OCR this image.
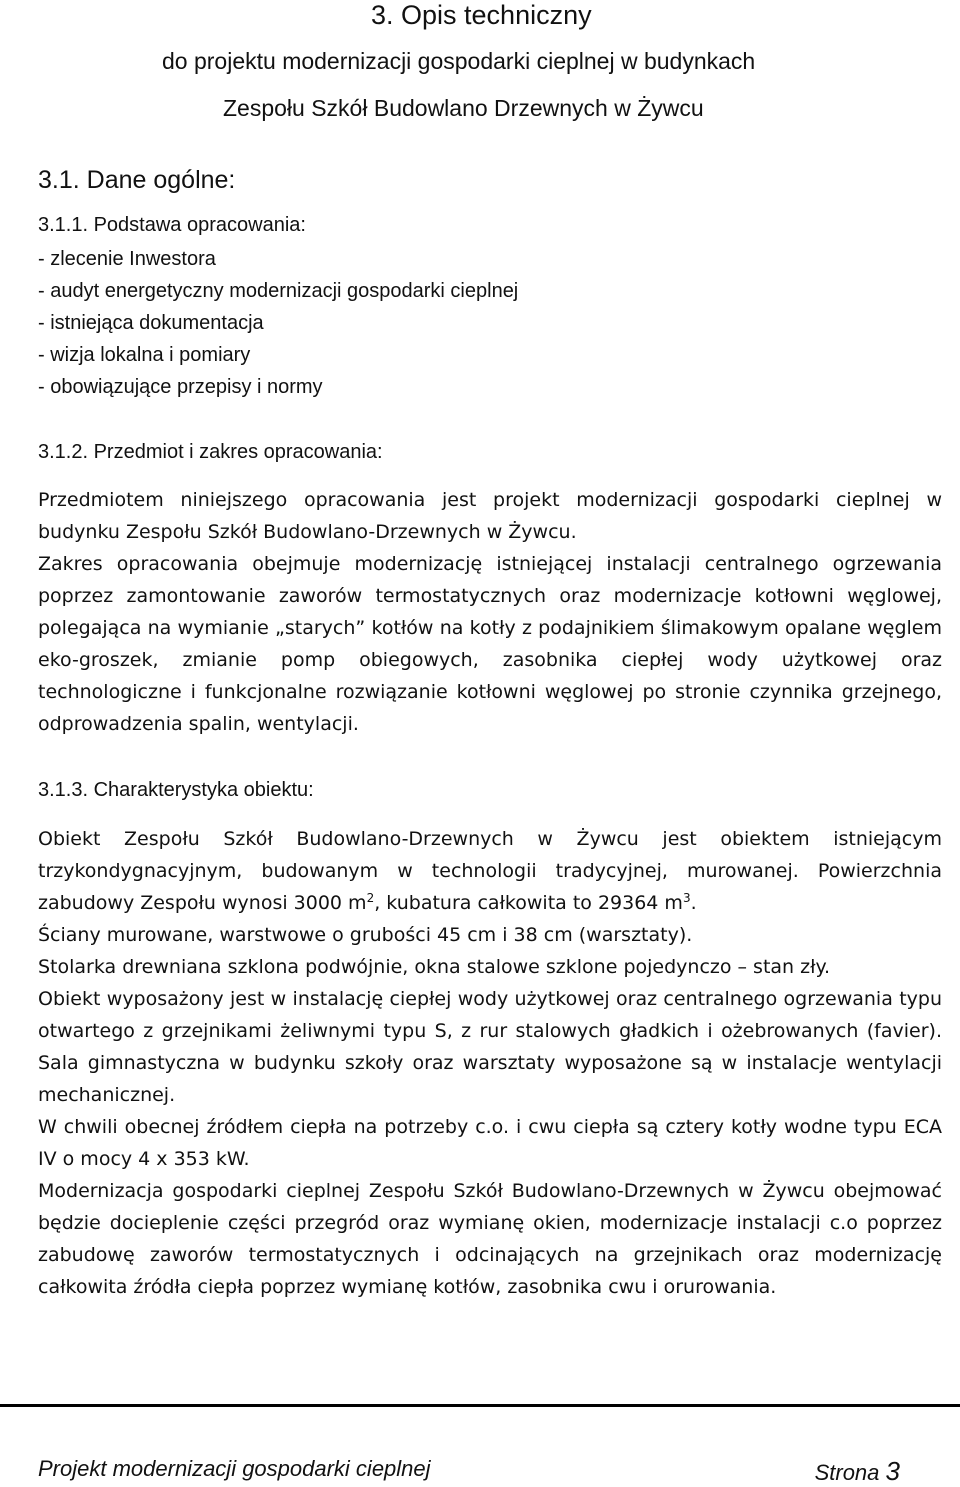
3. Opis techniczny
do projektu modernizacji gospodarki cieplnej w budynkach
Zespołu Szkół Budowlano Drzewnych w Żywcu
3.1. Dane ogólne:
3.1.1. Podstawa opracowania:
- zlecenie Inwestora
- audyt energetyczny modernizacji gospodarki cieplnej
- istniejąca dokumentacja
- wizja lokalna i pomiary
- obowiązujące przepisy i normy
3.1.2. Przedmiot i zakres opracowania:

Przedmiotem niniejszego opracowania jest projekt modernizacji gospodarki cieplnej w budynku Zespołu Szkół Budowlano-Drzewnych w Żywcu.

Zakres opracowania obejmuje modernizację istniejącej instalacji centralnego ogrzewania poprzez zamontowanie zaworów termostatycznych oraz modernizacje kotłowni węglowej, polegająca na wymianie „starych” kotłów na kotły z podajnikiem ślimakowym opalane węglem eko-groszek, zmianie pomp obiegowych, zasobnika ciepłej wody użytkowej oraz technologiczne i funkcjonalne rozwiązanie kotłowni węglowej po stronie czynnika grzejnego, odprowadzenia spalin, wentylacji.

3.1.3. Charakterystyka obiektu:

Obiekt Zespołu Szkół Budowlano-Drzewnych w Żywcu jest obiektem istniejącym trzykondygnacyjnym, budowanym w technologii tradycyjnej, murowanej. Powierzchnia zabudowy Zespołu wynosi 3000 $m^2$, kubatura całkowita to 29364 $m^3$.

Ściany murowane, warstwowe o grubości 45 cm i 38 cm (warsztaty).

Stolarka drewniana szklona podwójnie, okna stalowe szklone pojedynczo – stan zły.

Obiekt wyposażony jest w instalację ciepłej wody użytkowej oraz centralnego ogrzewania typu otwartego z grzejnikami żeliwnymi typu S, z rur stalowych gładkich i ożebrowanych (favier). Sala gimnastyczna w budynku szkoły oraz warsztaty wyposażone są w instalacje wentylacji mechanicznej.

W chwili obecnej źródłem ciepła na potrzeby c.o. i cwu ciepła są cztery kotły wodne typu ECA IV o mocy 4 x 353 kW.

Modernizacja gospodarki cieplnej Zespołu Szkół Budowlano-Drzewnych w Żywcu obejmować będzie docieplenie części przegród oraz wymianę okien, modernizacje instalacji c.o poprzez zabudowę zaworów termostatycznych i odcinających na grzejnikach oraz modernizację całkowita źródła ciepła poprzez wymianę kotłów, zasobnika cwu i orurowania.

Projekt modernizacji gospodarki cieplnej	Strona 3
